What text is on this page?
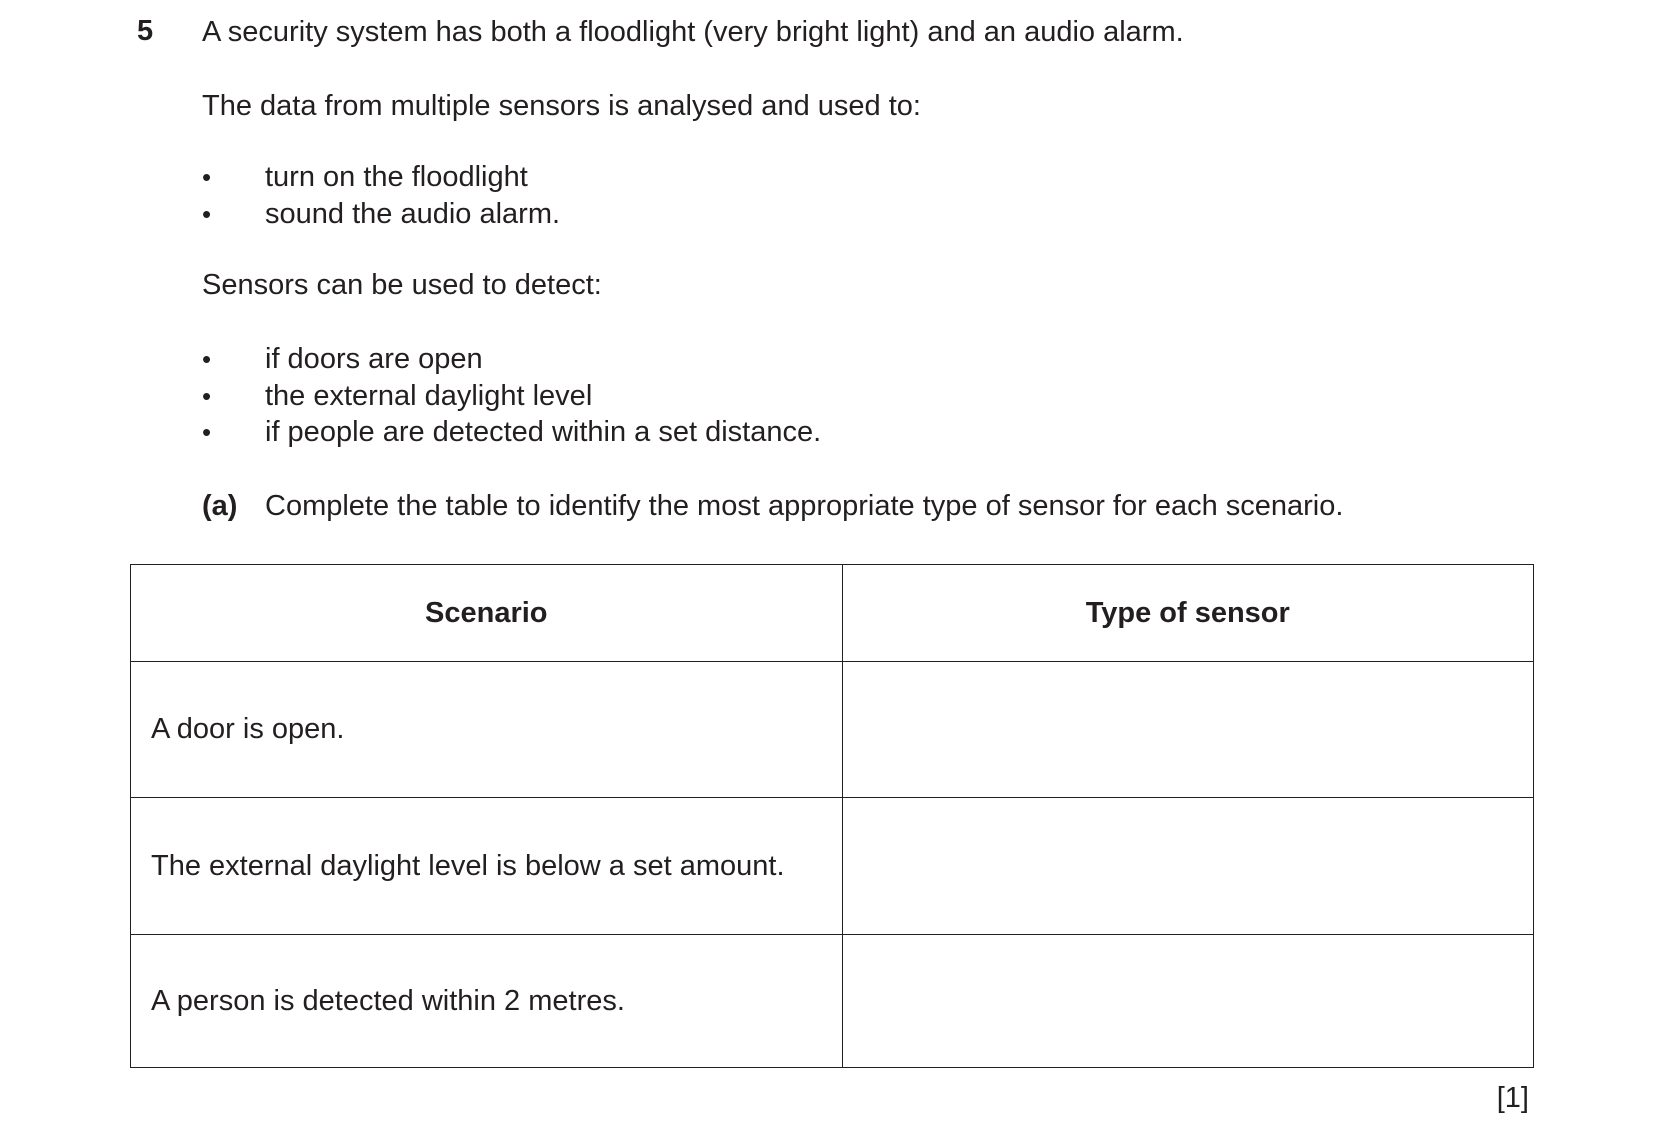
5 A security system has both a floodlight (very bright light) and an audio alarm.
The data from multiple sensors is analysed and used to:
• turn on the floodlight
• sound the audio alarm.
Sensors can be used to detect:
• if doors are open
• the external daylight level
• if people are detected within a set distance.
(a) Complete the table to identify the most appropriate type of sensor for each scenario.
Scenario	Type of sensor
A door is open.	
The external daylight level is below a set amount.	
A person is detected within 2 metres.	
[1]
